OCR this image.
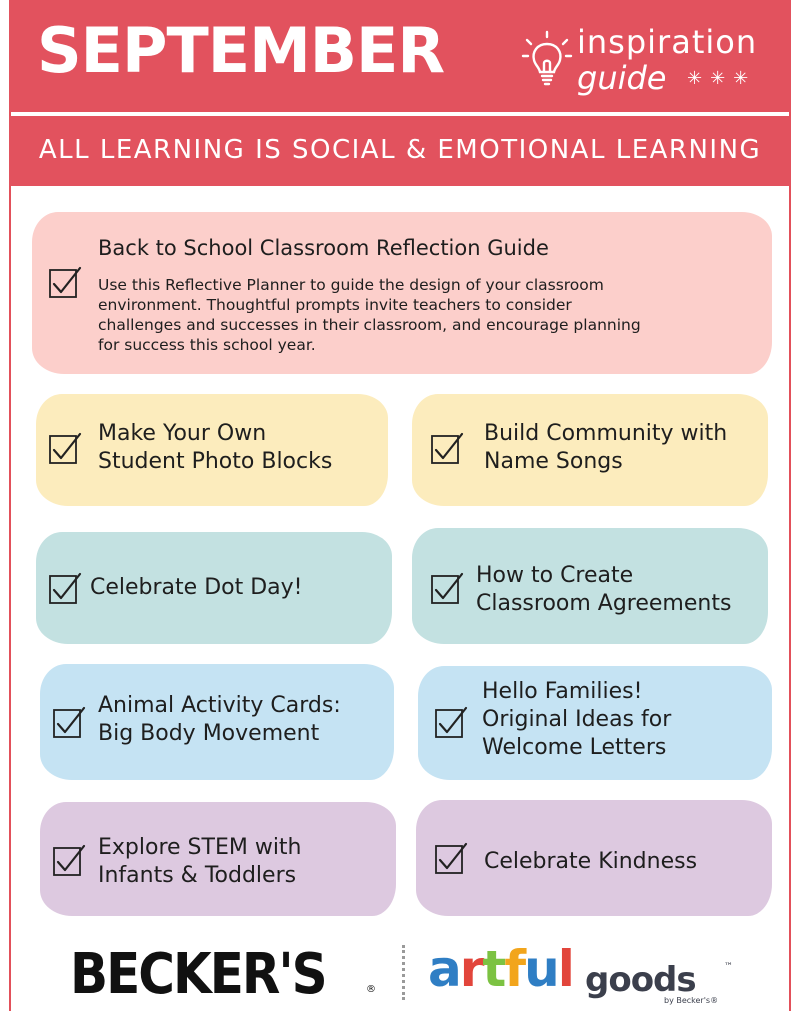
SEPTEMBER	inspiration
guide ✳✳✳
ALL LEARNING IS SOCIAL & EMOTIONAL LEARNING
Back to School Classroom Reflection Guide
Use this Reflective Planner to guide the design of your classroom
environment. Thoughtful prompts invite teachers to consider
challenges and successes in their classroom, and encourage planning
for success this school year.
Make Your Own
Student Photo Blocks
Build Community with
Name Songs
Celebrate Dot Day!	How to Create
Classroom Agreements
Animal Activity Cards:
Big Body Movement
Hello Families!
Original Ideas for
Welcome Letters
Explore STEM with
Infants & Toddlers
Celebrate Kindness
BECKER'S	® artful goods	™
by Becker's®
